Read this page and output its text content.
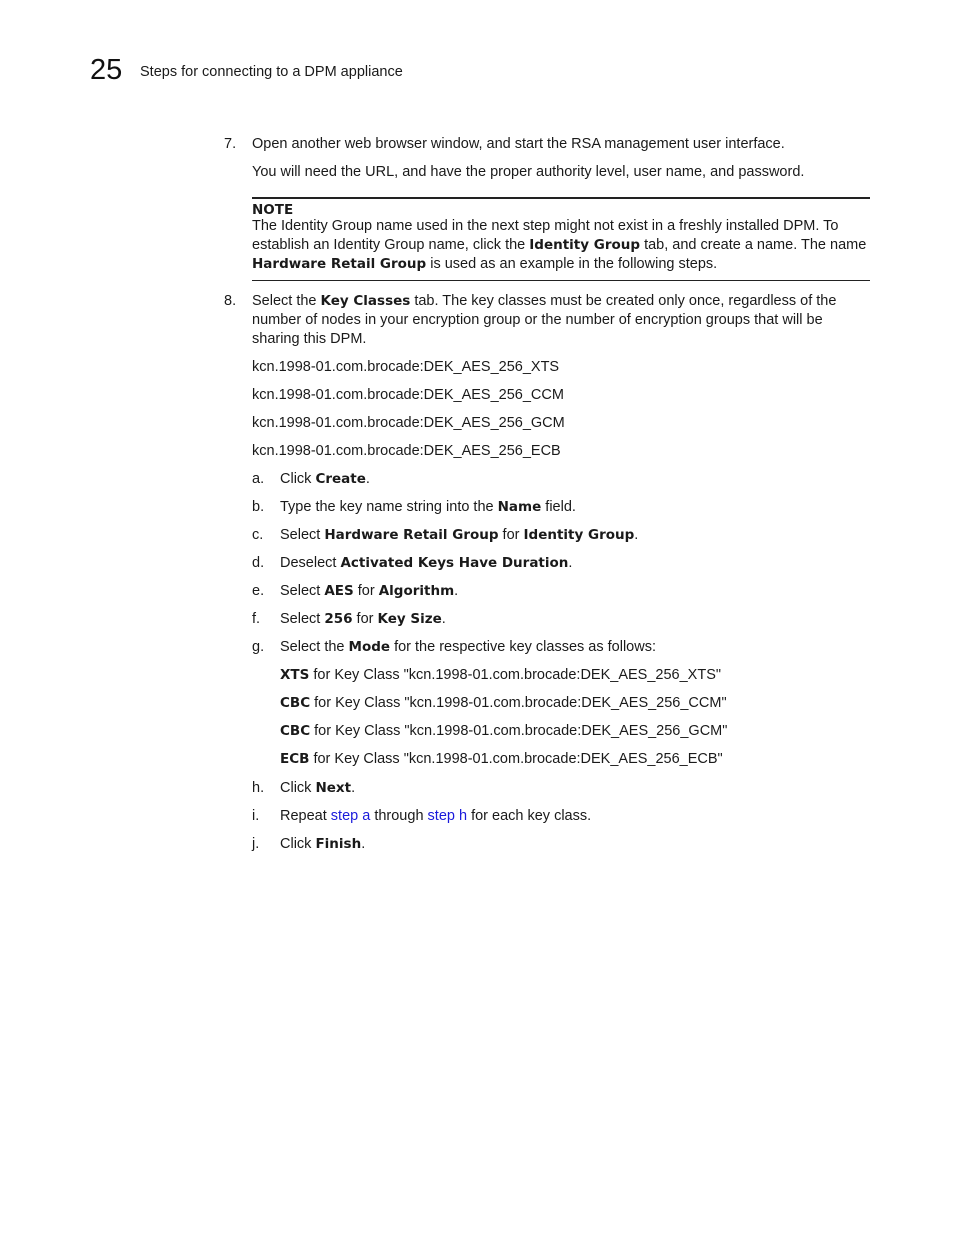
25 Steps for connecting to a DPM appliance
7. Open another web browser window, and start the RSA management user interface.
You will need the URL, and have the proper authority level, user name, and password.
NOTE
The Identity Group name used in the next step might not exist in a freshly installed DPM. To
establish an Identity Group name, click the Identity Group tab, and create a name. The name
Hardware Retail Group is used as an example in the following steps.
8. Select the Key Classes tab. The key classes must be created only once, regardless of the
number of nodes in your encryption group or the number of encryption groups that will be
sharing this DPM.
kcn.1998-01.com.brocade:DEK_AES_256_XTS
kcn.1998-01.com.brocade:DEK_AES_256_CCM
kcn.1998-01.com.brocade:DEK_AES_256_GCM
kcn.1998-01.com.brocade:DEK_AES_256_ECB
a. Click Create.
b. Type the key name string into the Name field.
c. Select Hardware Retail Group for Identity Group.
d. Deselect Activated Keys Have Duration.
e. Select AES for Algorithm.
f. Select 256 for Key Size.
g. Select the Mode for the respective key classes as follows:
XTS for Key Class "kcn.1998-01.com.brocade:DEK_AES_256_XTS"
CBC for Key Class "kcn.1998-01.com.brocade:DEK_AES_256_CCM"
CBC for Key Class "kcn.1998-01.com.brocade:DEK_AES_256_GCM"
ECB for Key Class "kcn.1998-01.com.brocade:DEK_AES_256_ECB"
h. Click Next.
i. Repeat step a through step h for each key class.
j. Click Finish.
